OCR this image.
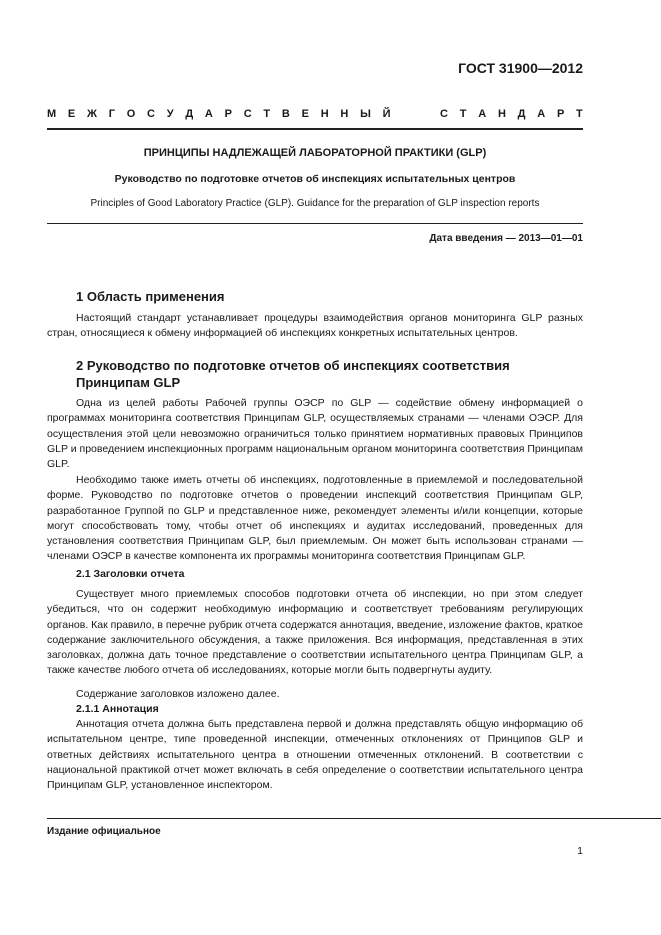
ГОСТ 31900—2012
М Е Ж Г О С У Д А Р С Т В Е Н Н Ы Й	С Т А Н Д А Р Т
ПРИНЦИПЫ НАДЛЕЖАЩЕЙ ЛАБОРАТОРНОЙ ПРАКТИКИ (GLP)
Руководство по подготовке отчетов об инспекциях испытательных центров
Principles of Good Laboratory Practice (GLP). Guidance for the preparation of GLP inspection reports
Дата введения — 2013—01—01
1 Область применения
Настоящий стандарт устанавливает процедуры взаимодействия органов мониторинга GLP разных стран, относящиеся к обмену информацией об инспекциях конкретных испытательных центров.
2 Руководство по подготовке отчетов об инспекциях соответствия Принципам GLP
Одна из целей работы Рабочей группы ОЭСР по GLP — содействие обмену информацией о программах мониторинга соответствия Принципам GLP, осуществляемых странами — членами ОЭСР. Для осуществления этой цели невозможно ограничиться только принятием нормативных правовых Принципов GLP и проведением инспекционных программ национальным органом мониторинга соответствия Принципам GLP.
Необходимо также иметь отчеты об инспекциях, подготовленные в приемлемой и последовательной форме. Руководство по подготовке отчетов о проведении инспекций соответствия Принципам GLP, разработанное Группой по GLP и представленное ниже, рекомендует элементы и/или концепции, которые могут способствовать тому, чтобы отчет об инспекциях и аудитах исследований, проведенных для установления соответствия Принципам GLP, был приемлемым. Он может быть использован странами — членами ОЭСР в качестве компонента их программы мониторинга соответствия Принципам GLP.
2.1 Заголовки отчета
Существует много приемлемых способов подготовки отчета об инспекции, но при этом следует убедиться, что он содержит необходимую информацию и соответствует требованиям регулирующих органов. Как правило, в перечне рубрик отчета содержатся аннотация, введение, изложение фактов, краткое содержание заключительного обсуждения, а также приложения. Вся информация, представленная в этих заголовках, должна дать точное представление о соответствии испытательного центра Принципам GLP, а также качестве любого отчета об исследованиях, которые могли быть подвергнуты аудиту.
Содержание заголовков изложено далее.
2.1.1 Аннотация
Аннотация отчета должна быть представлена первой и должна представлять общую информацию об испытательном центре, типе проведенной инспекции, отмеченных отклонениях от Принципов GLP и ответных действиях испытательного центра в отношении отмеченных отклонений. В соответствии с национальной практикой отчет может включать в себя определение о соответствии испытательного центра Принципам GLP, установленное инспектором.
Издание официальное
1
